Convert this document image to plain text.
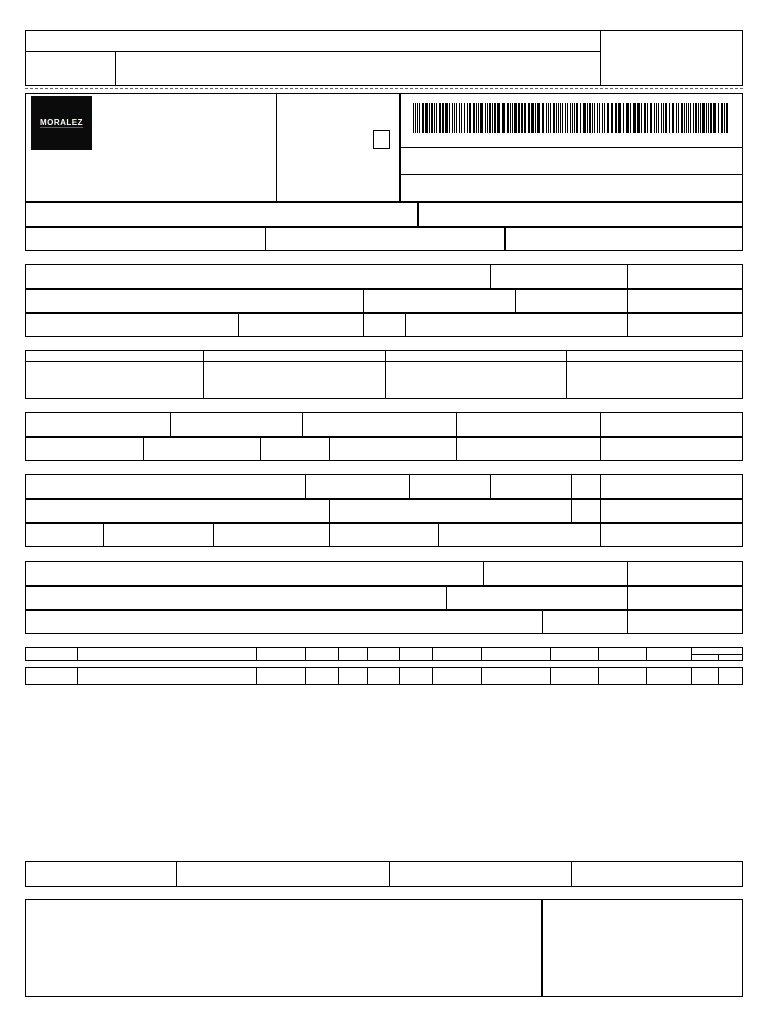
MORALEZ
